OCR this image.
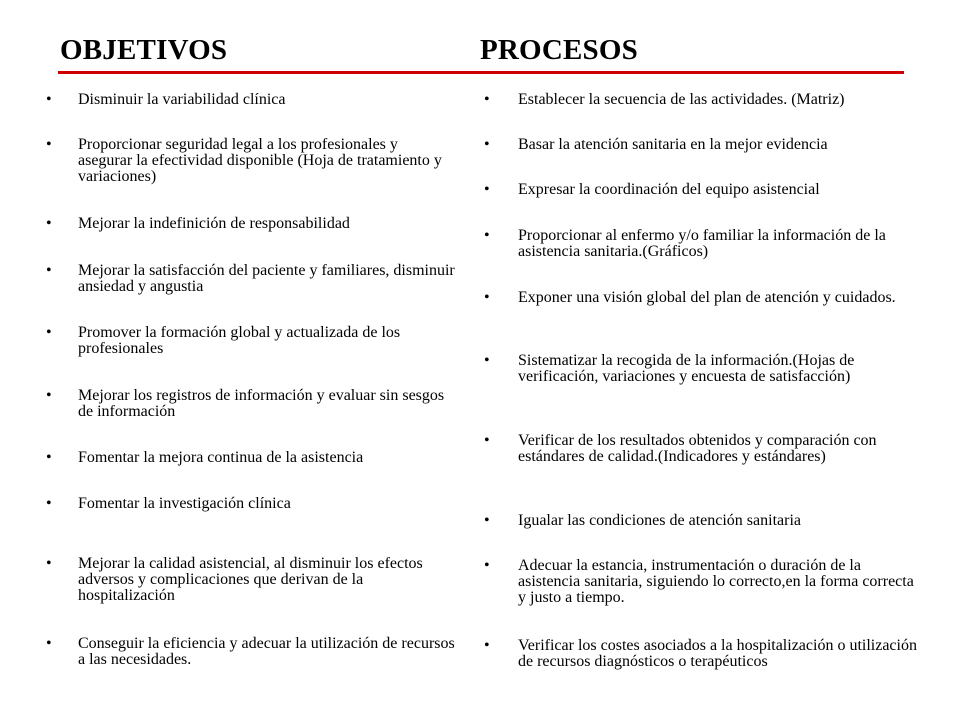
OBJETIVOS	PROCESOS
• Disminuir la variabilidad clínica
• Proporcionar seguridad legal a los profesionales y asegurar la efectividad disponible (Hoja de tratamiento y variaciones)
• Mejorar la indefinición de responsabilidad
• Mejorar la satisfacción del paciente y familiares, disminuir ansiedad y angustia
• Promover la formación global y actualizada de los profesionales
• Mejorar los registros de información y evaluar sin sesgos de información
• Fomentar la mejora continua de la asistencia
• Fomentar la investigación clínica
• Mejorar la calidad asistencial, al disminuir los efectos adversos y complicaciones que derivan de la hospitalización
• Conseguir la eficiencia y adecuar la utilización de recursos a las necesidades.
• Establecer la secuencia de las actividades. (Matriz)
• Basar la atención sanitaria en la mejor evidencia
• Expresar la coordinación del equipo asistencial
• Proporcionar al enfermo y/o familiar la información de la asistencia sanitaria.(Gráficos)
• Exponer una visión global del plan de atención y cuidados.
• Sistematizar la recogida de la información.(Hojas de verificación, variaciones y encuesta de satisfacción)
• Verificar de los resultados obtenidos y comparación con estándares de calidad.(Indicadores y estándares)
• Igualar las condiciones de atención sanitaria
• Adecuar la estancia, instrumentación o duración de la asistencia sanitaria, siguiendo lo correcto,en la forma correcta y justo a tiempo.
• Verificar los costes asociados a la hospitalización o utilización de recursos diagnósticos o terapéuticos
